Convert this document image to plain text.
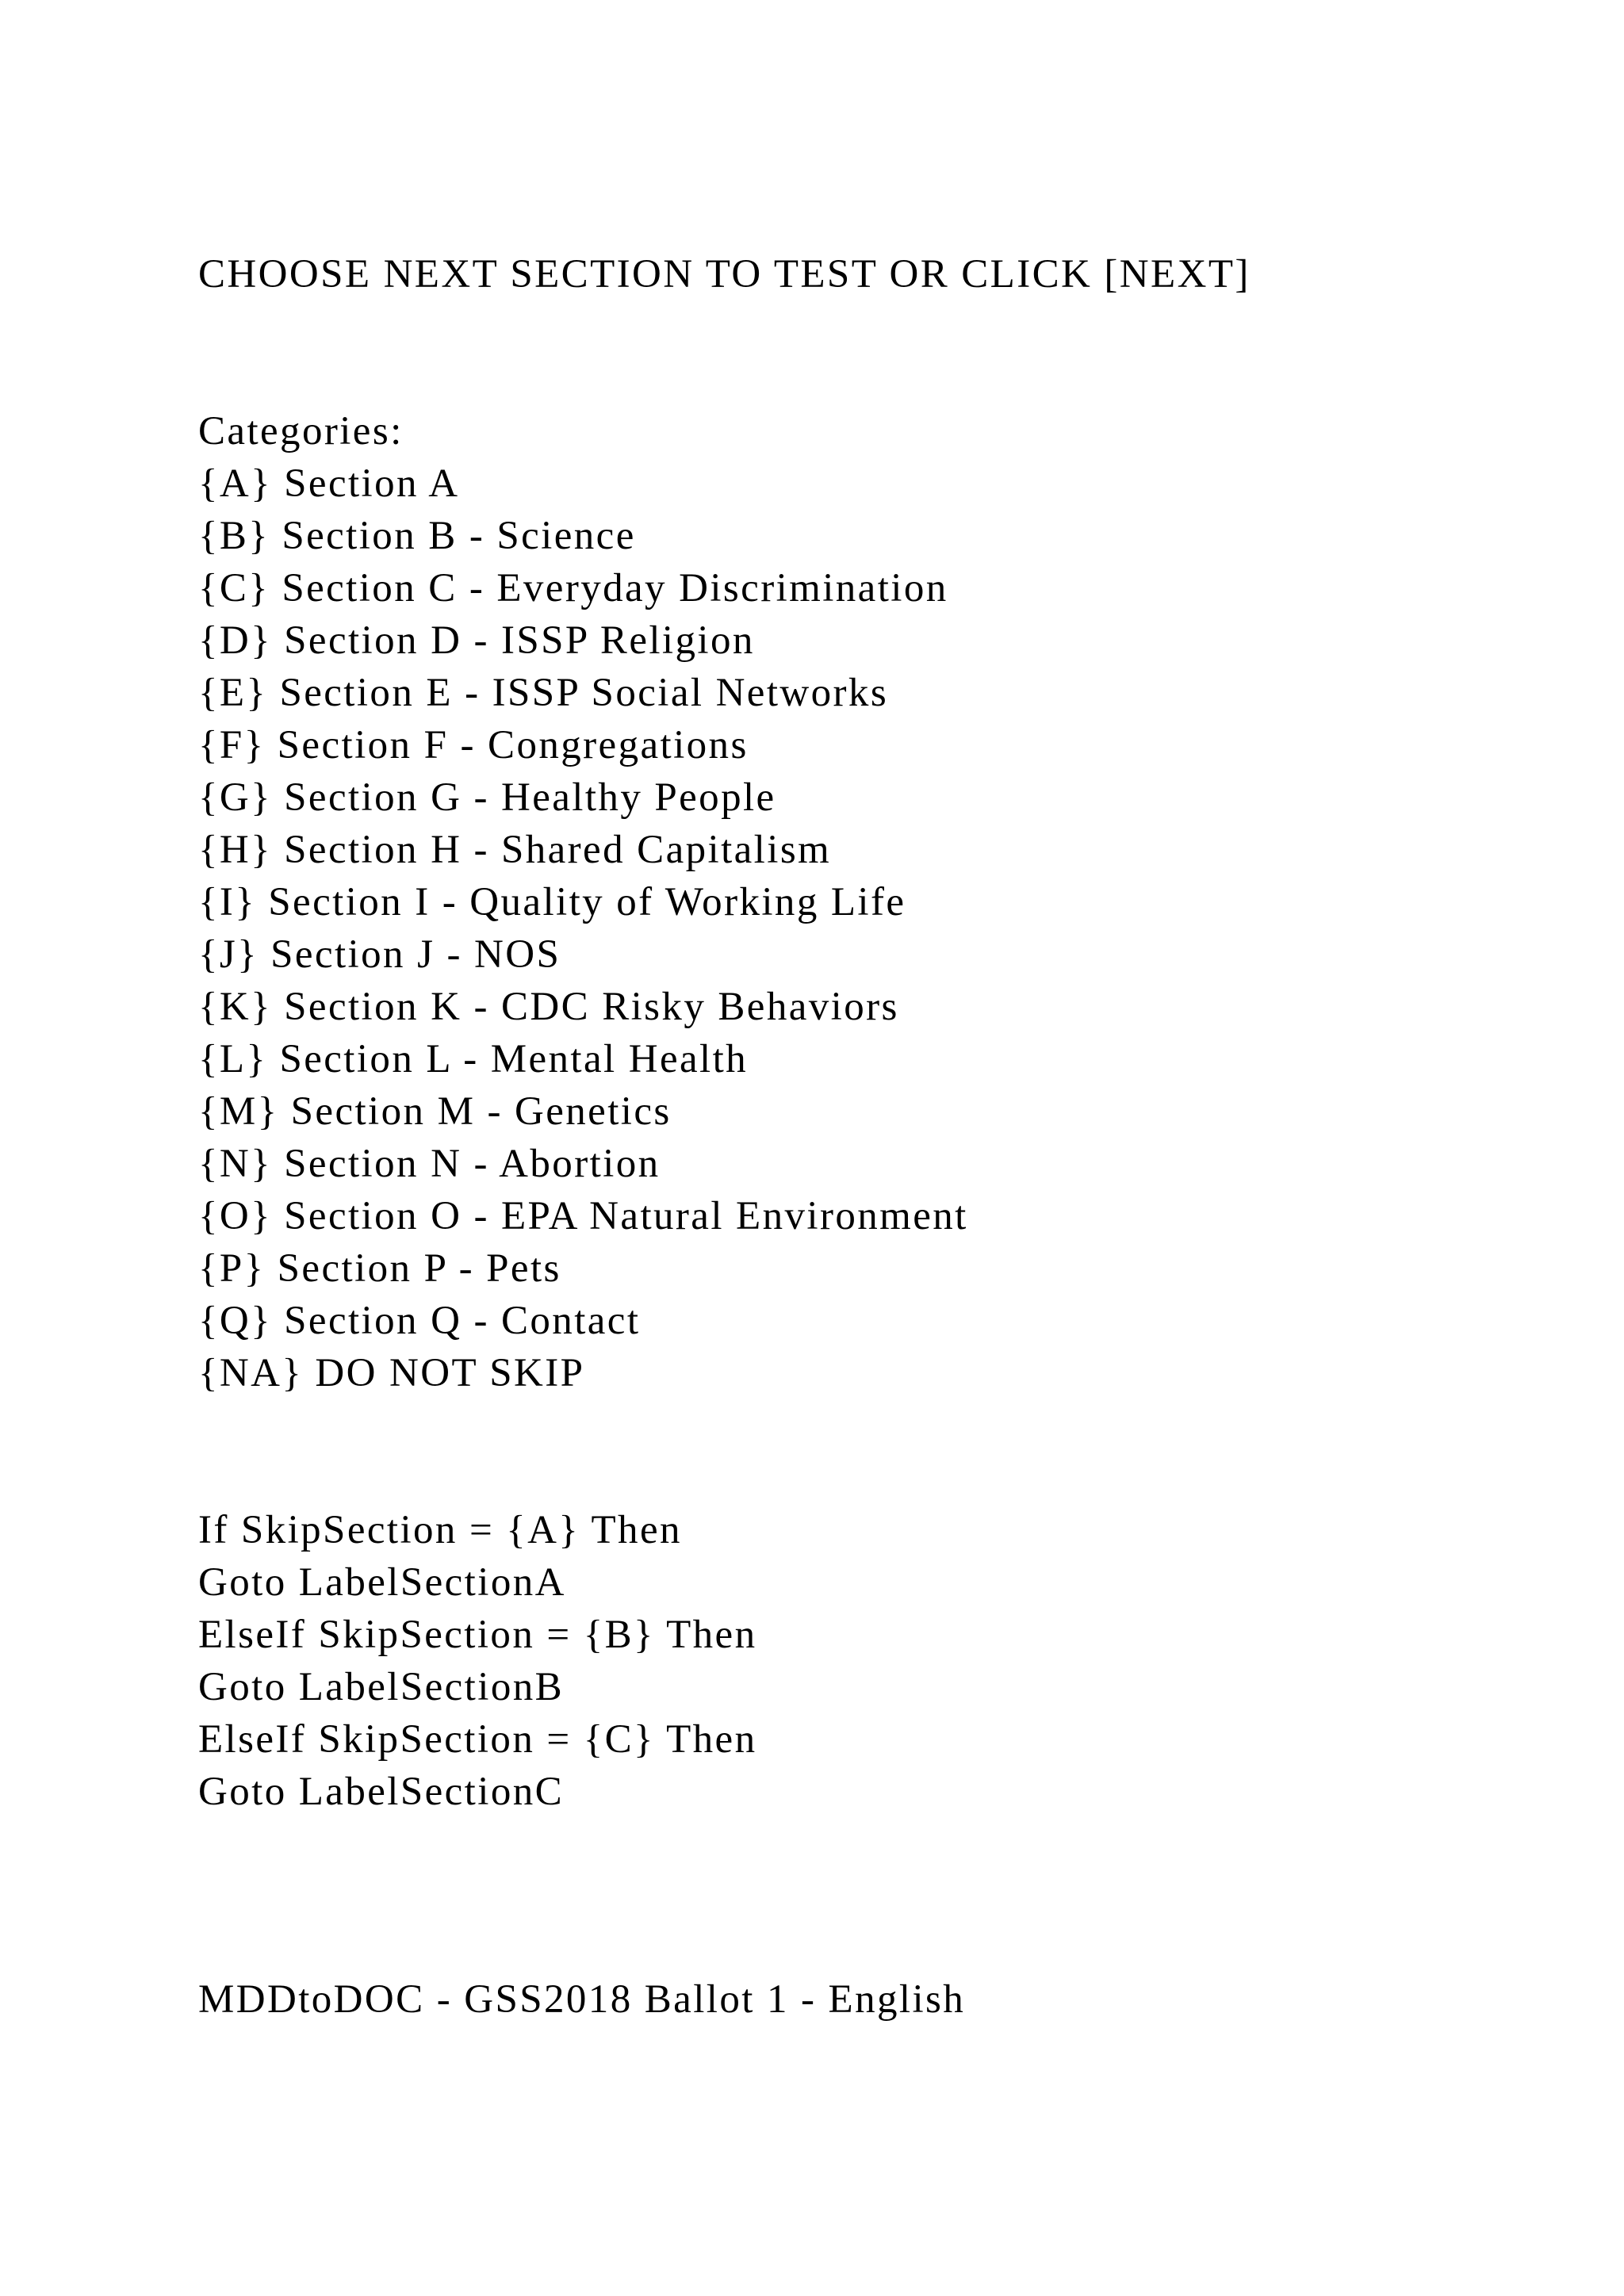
CHOOSE NEXT SECTION TO TEST OR CLICK [NEXT]

Categories:

{A} Section A
{B} Section B - Science
{C} Section C - Everyday Discrimination
{D} Section D - ISSP Religion
{E} Section E - ISSP Social Networks
{F} Section F - Congregations
{G} Section G - Healthy People
{H} Section H - Shared Capitalism
{I} Section I - Quality of Working Life
{J} Section J - NOS
{K} Section K - CDC Risky Behaviors
{L} Section L - Mental Health
{M} Section M - Genetics
{N} Section N - Abortion
{O} Section O - EPA Natural Environment
{P} Section P - Pets
{Q} Section Q - Contact
{NA} DO NOT SKIP
If SkipSection = {A} Then
Goto LabelSectionA
ElseIf SkipSection = {B} Then
Goto LabelSectionB
ElseIf SkipSection = {C} Then
Goto LabelSectionC

MDDtoDOC - GSS2018 Ballot 1 - English
